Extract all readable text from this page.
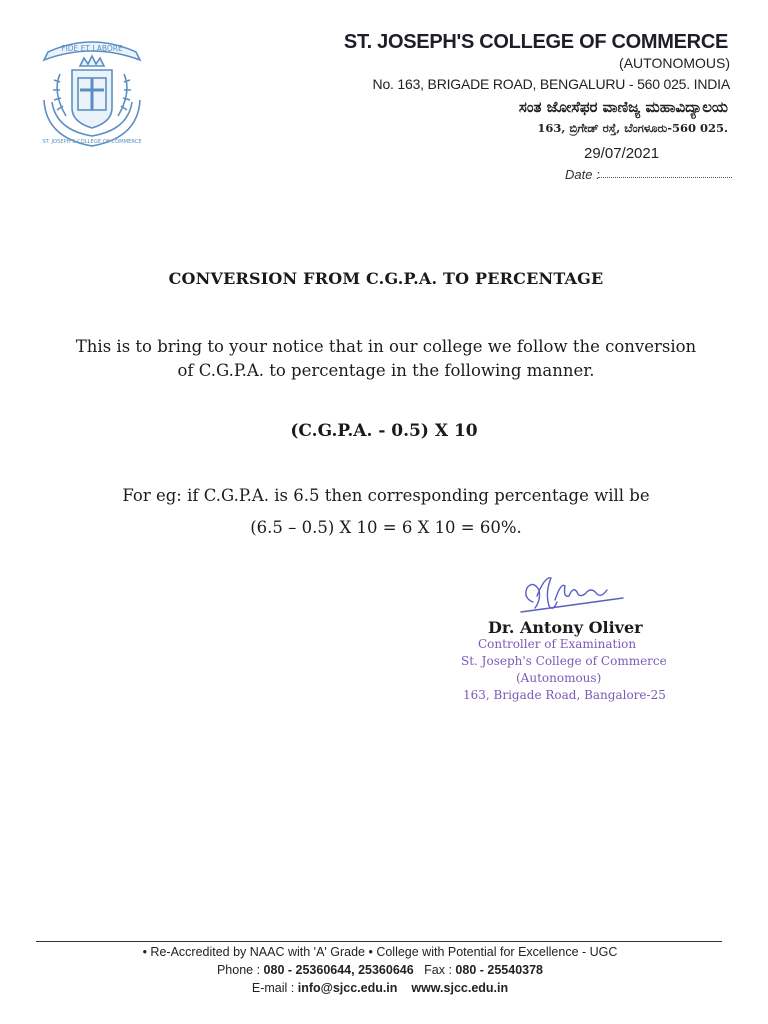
FIDE ET LABORE
ST. JOSEPH'S COLLEGE OF COMMERCE
ST. JOSEPH'S COLLEGE OF COMMERCE
(AUTONOMOUS)
No. 163, BRIGADE ROAD, BENGALURU - 560 025. INDIA
ಸಂತ ಜೋಸೆಫರ ವಾಣಿಜ್ಯ ಮಹಾವಿದ್ಯಾಲಯ
163, ಬ್ರಿಗೇಡ್ ರಸ್ತೆ, ಬೆಂಗಳೂರು-560 025.
29/07/2021
Date :
CONVERSION FROM C.G.P.A. TO PERCENTAGE
This is to bring to your notice that in our college we follow the conversion
of C.G.P.A. to percentage in the following manner.
(C.G.P.A. - 0.5) X 10
For eg: if C.G.P.A. is 6.5 then corresponding percentage will be
(6.5 – 0.5) X 10 = 6 X 10 = 60%.
Dr. Antony Oliver
Controller of Examination
St. Joseph's College of Commerce
(Autonomous)
163, Brigade Road, Bangalore-25
• Re-Accredited by NAAC with 'A' Grade • College with Potential for Excellence - UGC
Phone : 080 - 25360644, 25360646 Fax : 080 - 25540378
E-mail : info@sjcc.edu.in www.sjcc.edu.in
